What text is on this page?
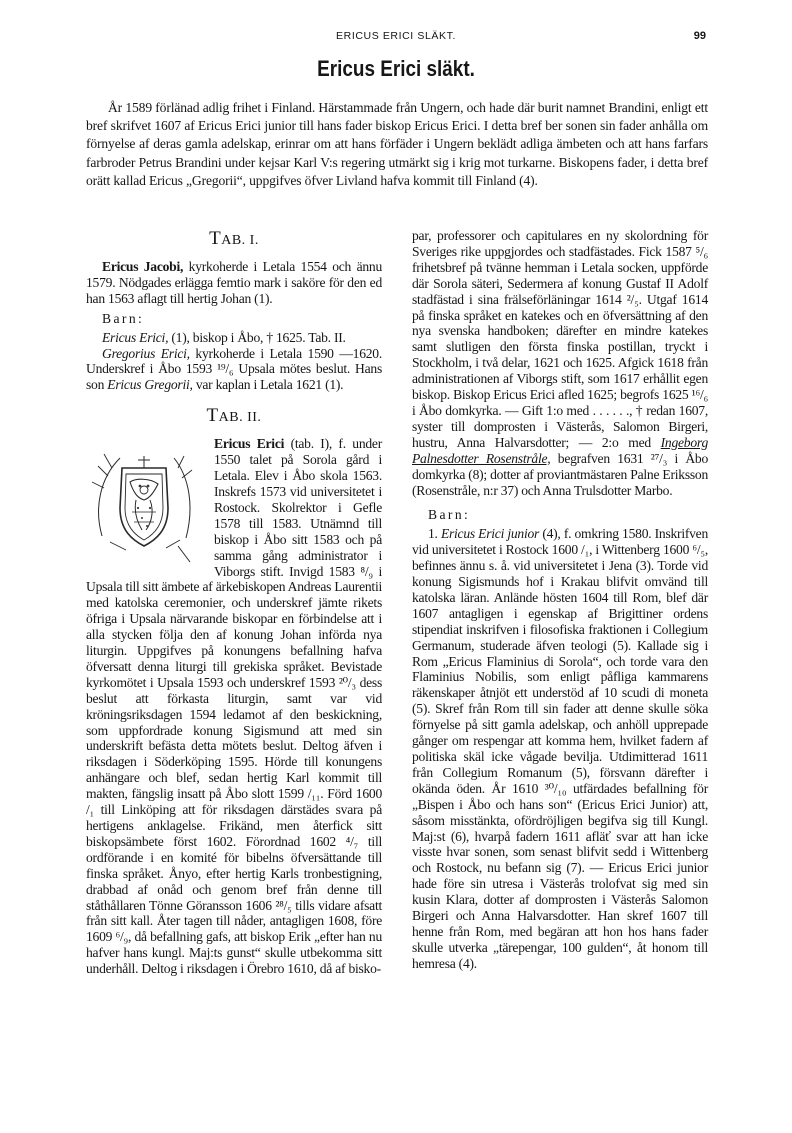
ERICUS ERICI SLÄKT.	99
Ericus Erici släkt.

År 1589 förlänad adlig frihet i Finland. Härstammade från Ungern, och hade där burit namnet Brandini, enligt ett bref skrifvet 1607 af Ericus Erici junior till hans fader biskop Ericus Erici. I detta bref ber sonen sin fader anhålla om förnyelse af deras gamla adelskap, erinrar om att hans förfäder i Ungern beklädt adliga ämbeten och att hans farfars farbroder Petrus Brandini under kejsar Karl V:s regering utmärkt sig i krig mot turkarne. Biskopens fader, i detta bref orätt kallad Ericus „Gregorii“, uppgifves öfver Livland hafva kommit till Finland (4).

TAB. I.

Ericus Jacobi, kyrkoherde i Letala 1554 och ännu 1579. Nödgades erlägga femtio mark i saköre för den ed han 1563 aflagt till hertig Johan (1).

Barn:

Ericus Erici, (1), biskop i Åbo, † 1625. Tab. II.

Gregorius Erici, kyrkoherde i Letala 1590 —1620. Underskref i Åbo 1593 ¹⁹/₆ Upsala mötes beslut. Hans son Ericus Gregorii, var kaplan i Letala 1621 (1).

TAB. II.

Ericus Erici (tab. I), f. under 1550 talet på Sorola gård i Letala. Elev i Åbo skola 1563. Inskrefs 1573 vid universitetet i Rostock. Skolrektor i Gefle 1578 till 1583. Utnämnd till biskop i Åbo sitt 1583 och på samma gång administrator i Viborgs stift. Invigd 1583 ⁸/₉ i Upsala till sitt ämbete af ärkebiskopen Andreas Laurentii med katolska ceremonier, och underskref jämte rikets öfriga i Upsala närvarande biskopar en förbindelse att i alla stycken följa den af konung Johan införda nya liturgin. Uppgifves på konungens befallning hafva öfversatt denna liturgi till grekiska språket. Bevistade kyrkomötet i Upsala 1593 och underskref 1593 ²⁰/₃ dess beslut att förkasta liturgin, samt var vid kröningsriksdagen 1594 ledamot af den beskickning, som uppfordrade konung Sigismund att med sin underskrift befästa detta mötets beslut. Deltog äfven i riksdagen i Söderköping 1595. Hörde till konungens anhängare och blef, sedan hertig Karl kommit till makten, fängslig insatt på Åbo slott 1599 /₁₁. Förd 1600 /₁ till Linköping att för riksdagen därstädes svara på hertigens anklagelse. Frikänd, men återfick sitt biskopsämbete först 1602. Förordnad 1602 ⁴/₇ till ordförande i en komité för bibelns öfversättande till finska språket. Ånyo, efter hertig Karls tronbestigning, drabbad af onåd och genom bref från denne till ståthållaren Tönne Göransson 1606 ²⁸/₅ tills vidare afsatt från sitt kall. Åter tagen till nåder, antagligen 1608, före 1609 ⁶/₉, då befallning gafs, att biskop Erik „efter han nu hafver hans kungl. Maj:ts gunst“ skulle utbekomma sitt underhåll. Deltog i riksdagen i Örebro 1610, då af bisko-

par, professorer och capitulares en ny skolordning för Sveriges rike uppgjordes och stadfästades. Fick 1587 ⁵/₆ frihetsbref på tvänne hemman i Letala socken, uppförde där Sorola säteri, Sedermera af konung Gustaf II Adolf stadfästad i sina frälseförläningar 1614 ²/₅. Utgaf 1614 på finska språket en katekes och en öfversättning af den nya svenska handboken; därefter en mindre katekes samt slutligen den första finska postillan, tryckt i Stockholm, i två delar, 1621 och 1625. Afgick 1618 från administrationen af Viborgs stift, som 1617 erhållit egen biskop. Biskop Ericus Erici afled 1625; begrofs 1625 ¹⁶/₆ i Åbo domkyrka. — Gift 1:o med . . . . . ., † redan 1607, syster till domprosten i Västerås, Salomon Birgeri, hustru, Anna Halvarsdotter; — 2:o med Ingeborg Palnesdotter Rosenstråle, begrafven 1631 ²⁷/₃ i Åbo domkyrka (8); dotter af proviantmästaren Palne Eriksson (Rosenstråle, n:r 37) och Anna Trulsdotter Marbo.

Barn:

1. Ericus Erici junior (4), f. omkring 1580. Inskrifven vid universitetet i Rostock 1600 /₁, i Wittenberg 1600 ⁶/₅, befinnes ännu s. å. vid universitetet i Jena (3). Torde vid konung Sigismunds hof i Krakau blifvit omvänd till katolska läran. Anlände hösten 1604 till Rom, blef där 1607 antagligen i egenskap af Brigittiner ordens stipendiat inskrifven i filosofiska fraktionen i Collegium Germanum, studerade äfven teologi (5). Kallade sig i Rom „Ericus Flaminius di Sorola“, och torde vara den Flaminius Nobilis, som enligt påfliga kammarens räkenskaper åtnjöt ett understöd af 10 scudi di moneta (5). Skref från Rom till sin fader att denne skulle söka förnyelse på sitt gamla adelskap, och anhöll upprepade gånger om respengar att komma hem, hvilket fadern af politiska skäl icke vågade bevilja. Utdimitterad 1611 från Collegium Romanum (5), försvann därefter i okända öden. År 1610 ³⁰/₁₀ utfärdades befallning för „Bispen i Åbo och hans son“ (Ericus Erici Junior) att, såsom misstänkta, ofördröjligen begifva sig till Kungl. Maj:st (6), hvarpå fadern 1611 afläť svar att han icke visste hvar sonen, som senast blifvit sedd i Wittenberg och Rostock, nu befann sig (7). — Ericus Erici junior hade före sin utresa i Västerås trolofvat sig med sin kusin Klara, dotter af domprosten i Västerås Salomon Birgeri och Anna Halvarsdotter. Han skref 1607 till henne från Rom, med begäran att hon hos hans fader skulle utverka „tärepengar, 100 gulden“, åt honom till hemresa (4).
